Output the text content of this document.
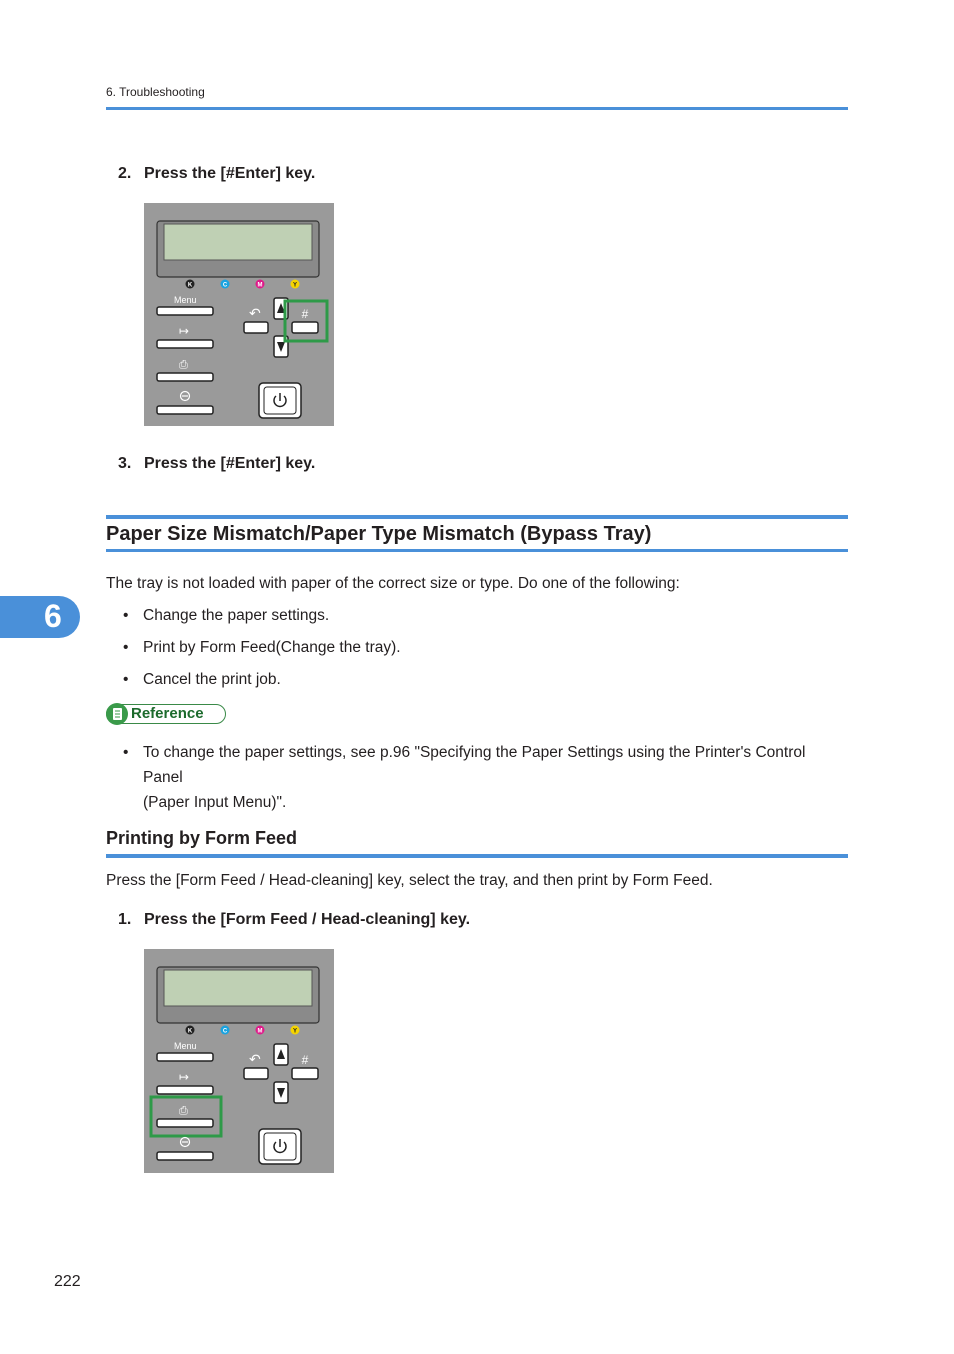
6. Troubleshooting
2. Press the [#Enter] key.
K	C	M	Y
Menu
↦
⎙
↶	#
3. Press the [#Enter] key.
Paper Size Mismatch/Paper Type Mismatch (Bypass Tray)
The tray is not loaded with paper of the correct size or type. Do one of the following:
• Change the paper settings.
• Print by Form Feed(Change the tray).
• Cancel the print job.
Reference
• To change the paper settings, see p.96 "Specifying the Paper Settings using the Printer's Control Panel
(Paper Input Menu)".
Printing by Form Feed
Press the [Form Feed / Head-cleaning] key, select the tray, and then print by Form Feed.
1. Press the [Form Feed / Head-cleaning] key.
K	C	M	Y
Menu
↦
⎙
↶	#
6
222
